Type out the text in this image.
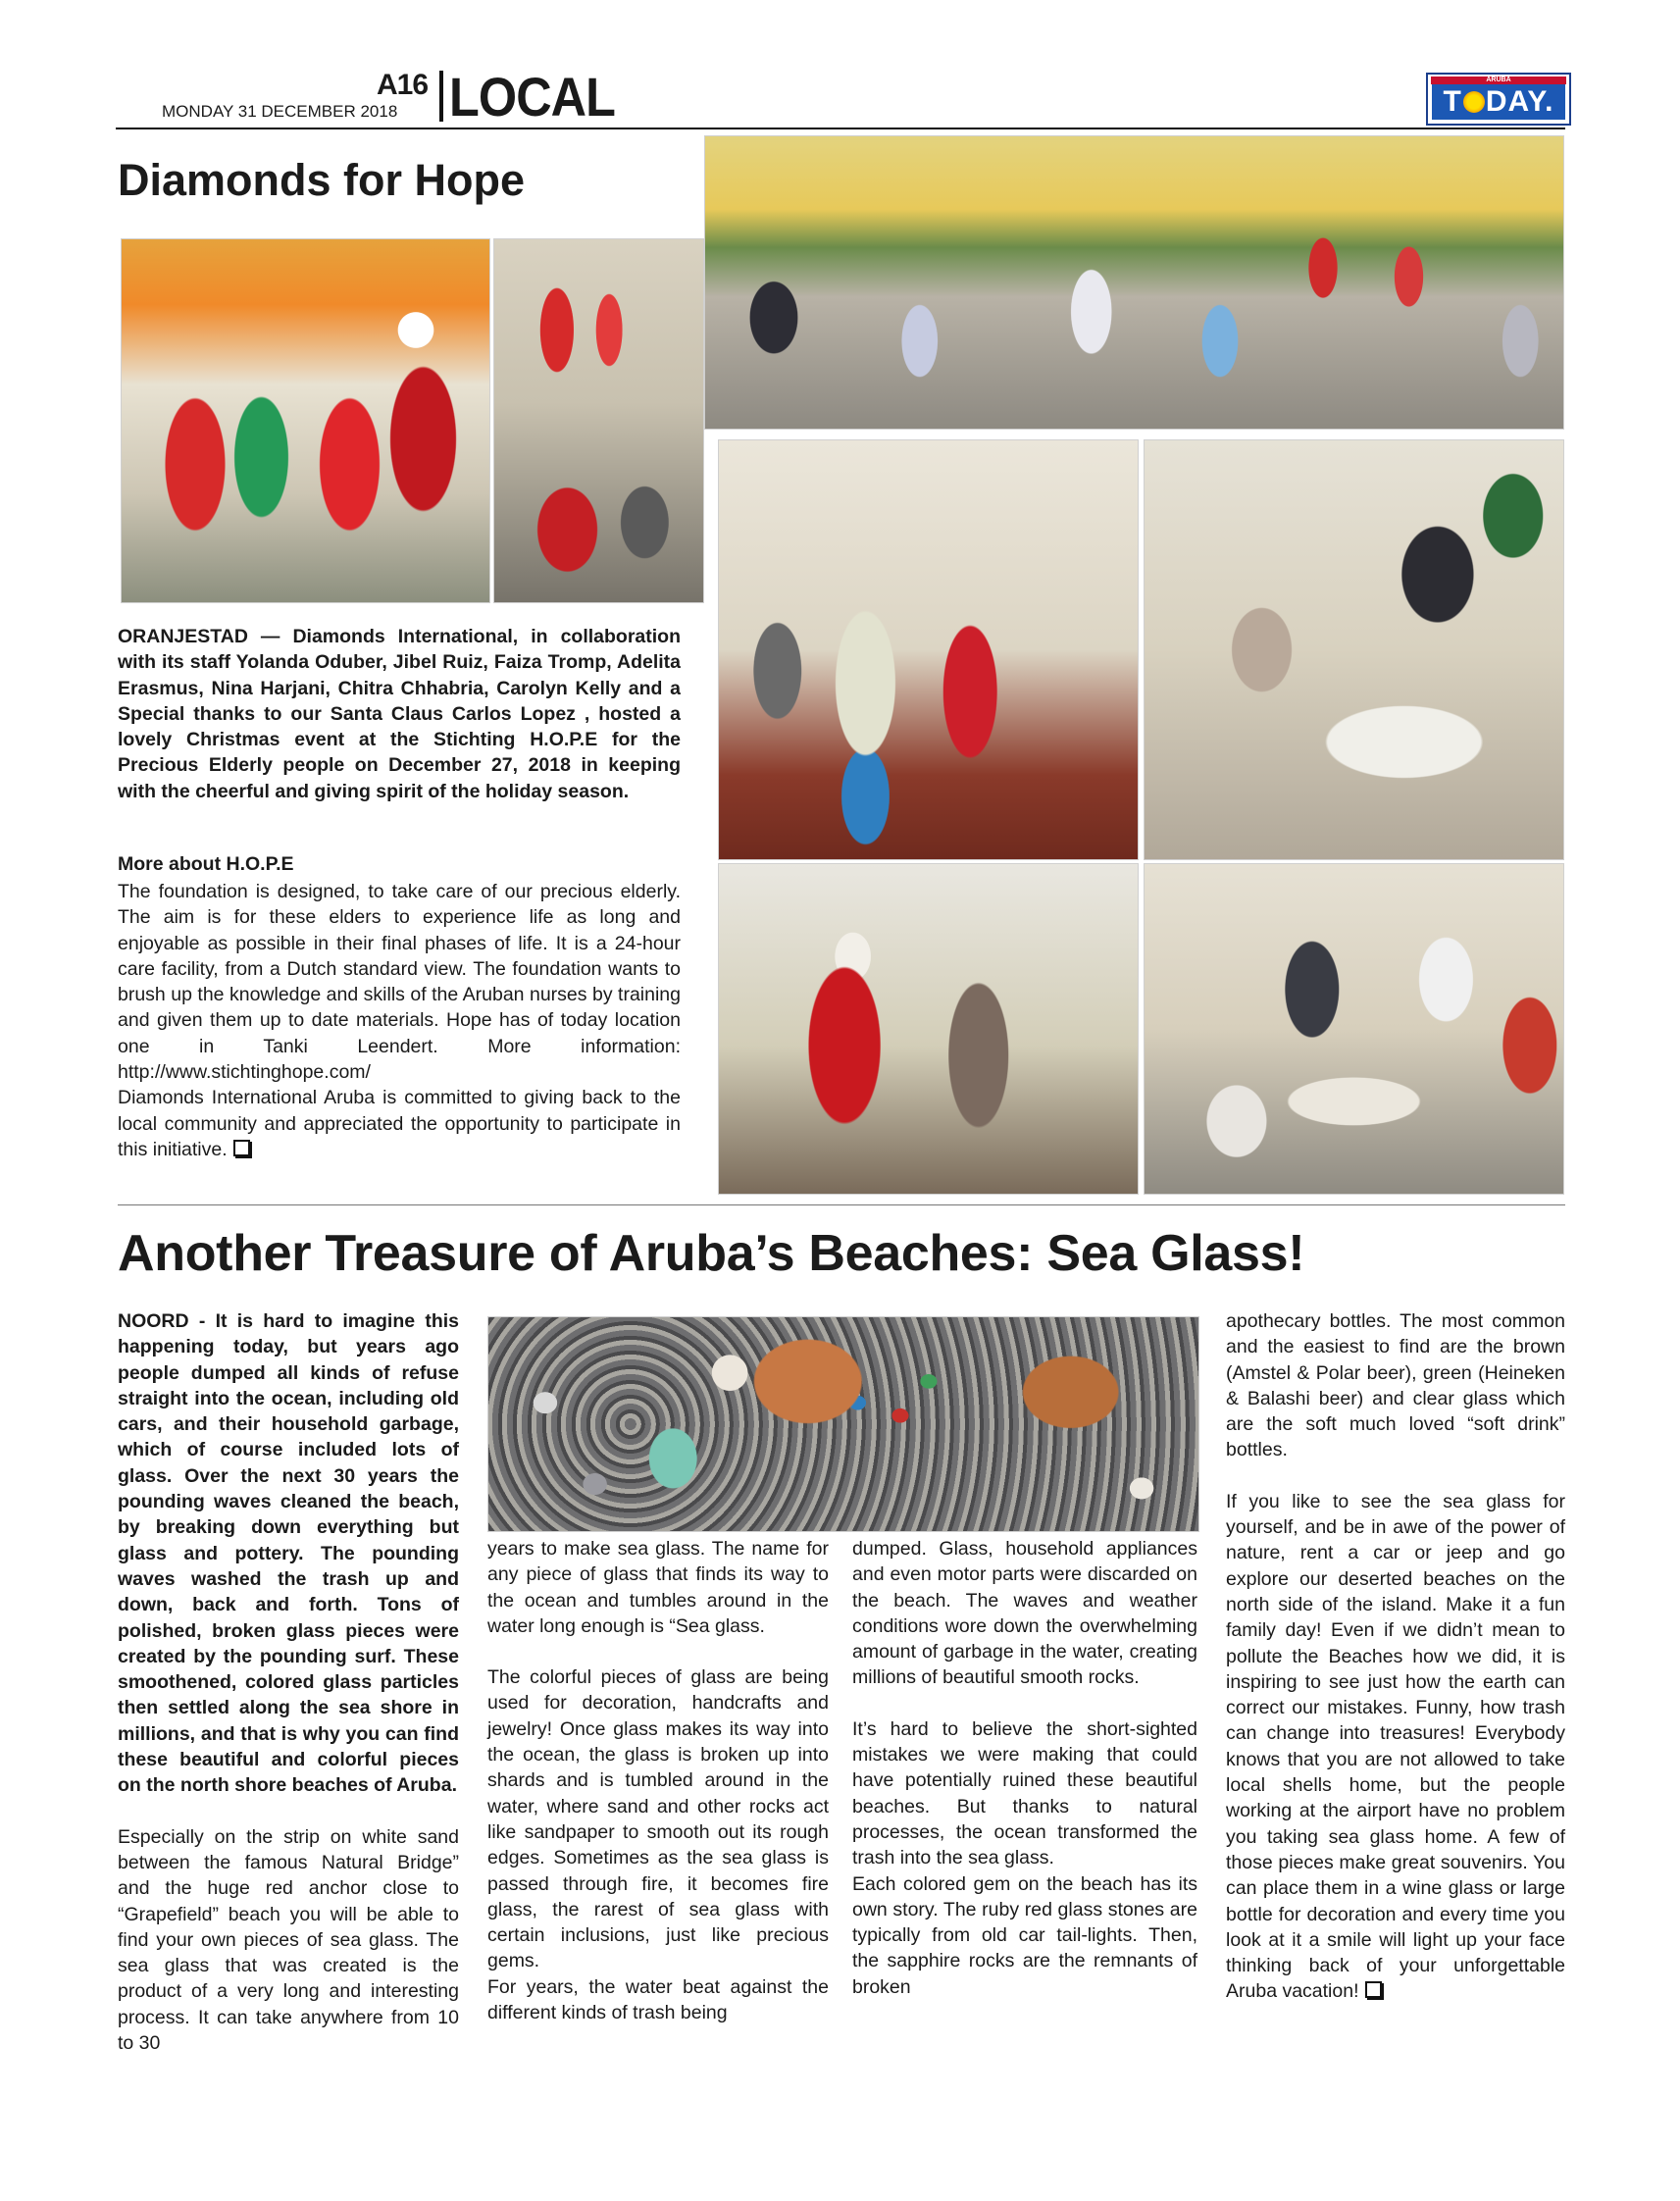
A16
MONDAY 31 DECEMBER 2018 LOCAL	ARUBA
T DAY.
Diamonds for Hope
ORANJESTAD — Diamonds International, in collaboration with its staff Yolanda Oduber, Jibel Ruiz, Faiza Tromp, Adelita Erasmus, Nina Harjani, Chitra Chhabria, Carolyn Kelly and a Special thanks to our Santa Claus Carlos Lopez , hosted a lovely Christmas event at the Stichting H.O.P.E for the Precious Elderly people on December 27, 2018 in keeping with the cheerful and giving spirit of the holiday season.
More about H.O.P.E

The foundation is designed, to take care of our precious elderly. The aim is for these elders to experience life as long and enjoyable as possible in their final phases of life. It is a 24-hour care facility, from a Dutch standard view. The foundation wants to brush up the knowledge and skills of the Aruban nurses by training and given them up to date materials. Hope has of today location one in Tanki Leendert. More information: http://www.stichtinghope.com/

Diamonds International Aruba is committed to giving back to the local community and appreciated the opportunity to participate in this initiative.

Another Treasure of Aruba’s Beaches: Sea Glass!

NOORD - It is hard to imagine this happening today, but years ago people dumped all kinds of refuse straight into the ocean, including old cars, and their household garbage, which of course included lots of glass. Over the next 30 years the pounding waves cleaned the beach, by breaking down everything but glass and pottery. The pounding waves washed the trash up and down, back and forth. Tons of polished, broken glass pieces were created by the pounding surf. These smoothened, colored glass particles then settled along the sea shore in millions, and that is why you can find these beautiful and colorful pieces on the north shore beaches of Aruba.

Especially on the strip on white sand between the famous Natural Bridge” and the huge red anchor close to “Grapefield” beach you will be able to find your own pieces of sea glass. The sea glass that was created is the product of a very long and interesting process. It can take anywhere from 10 to 30

years to make sea glass. The name for any piece of glass that finds its way to the ocean and tumbles around in the water long enough is “Sea glass.

The colorful pieces of glass are being used for decoration, handcrafts and jewelry! Once glass makes its way into the ocean, the glass is broken up into shards and is tumbled around in the water, where sand and other rocks act like sandpaper to smooth out its rough edges. Sometimes as the sea glass is passed through fire, it becomes fire glass, the rarest of sea glass with certain inclusions, just like precious gems.

For years, the water beat against the different kinds of trash being

dumped. Glass, household appliances and even motor parts were discarded on the beach. The waves and weather conditions wore down the overwhelming amount of garbage in the water, creating millions of beautiful smooth rocks.

It’s hard to believe the short-sighted mistakes we were making that could have potentially ruined these beautiful beaches. But thanks to natural processes, the ocean transformed the trash into the sea glass.

Each colored gem on the beach has its own story. The ruby red glass stones are typically from old car tail-lights. Then, the sapphire rocks are the remnants of broken

apothecary bottles. The most common and the easiest to find are the brown (Amstel & Polar beer), green (Heineken & Balashi beer) and clear glass which are the soft much loved “soft drink” bottles.

If you like to see the sea glass for yourself, and be in awe of the power of nature, rent a car or jeep and go explore our deserted beaches on the north side of the island. Make it a fun family day! Even if we didn’t mean to pollute the Beaches how we did, it is inspiring to see just how the earth can correct our mistakes. Funny, how trash can change into treasures! Everybody knows that you are not allowed to take local shells home, but the people working at the airport have no problem you taking sea glass home. A few of those pieces make great souvenirs. You can place them in a wine glass or large bottle for decoration and every time you look at it a smile will light up your face thinking back of your unforgettable Aruba vacation!
